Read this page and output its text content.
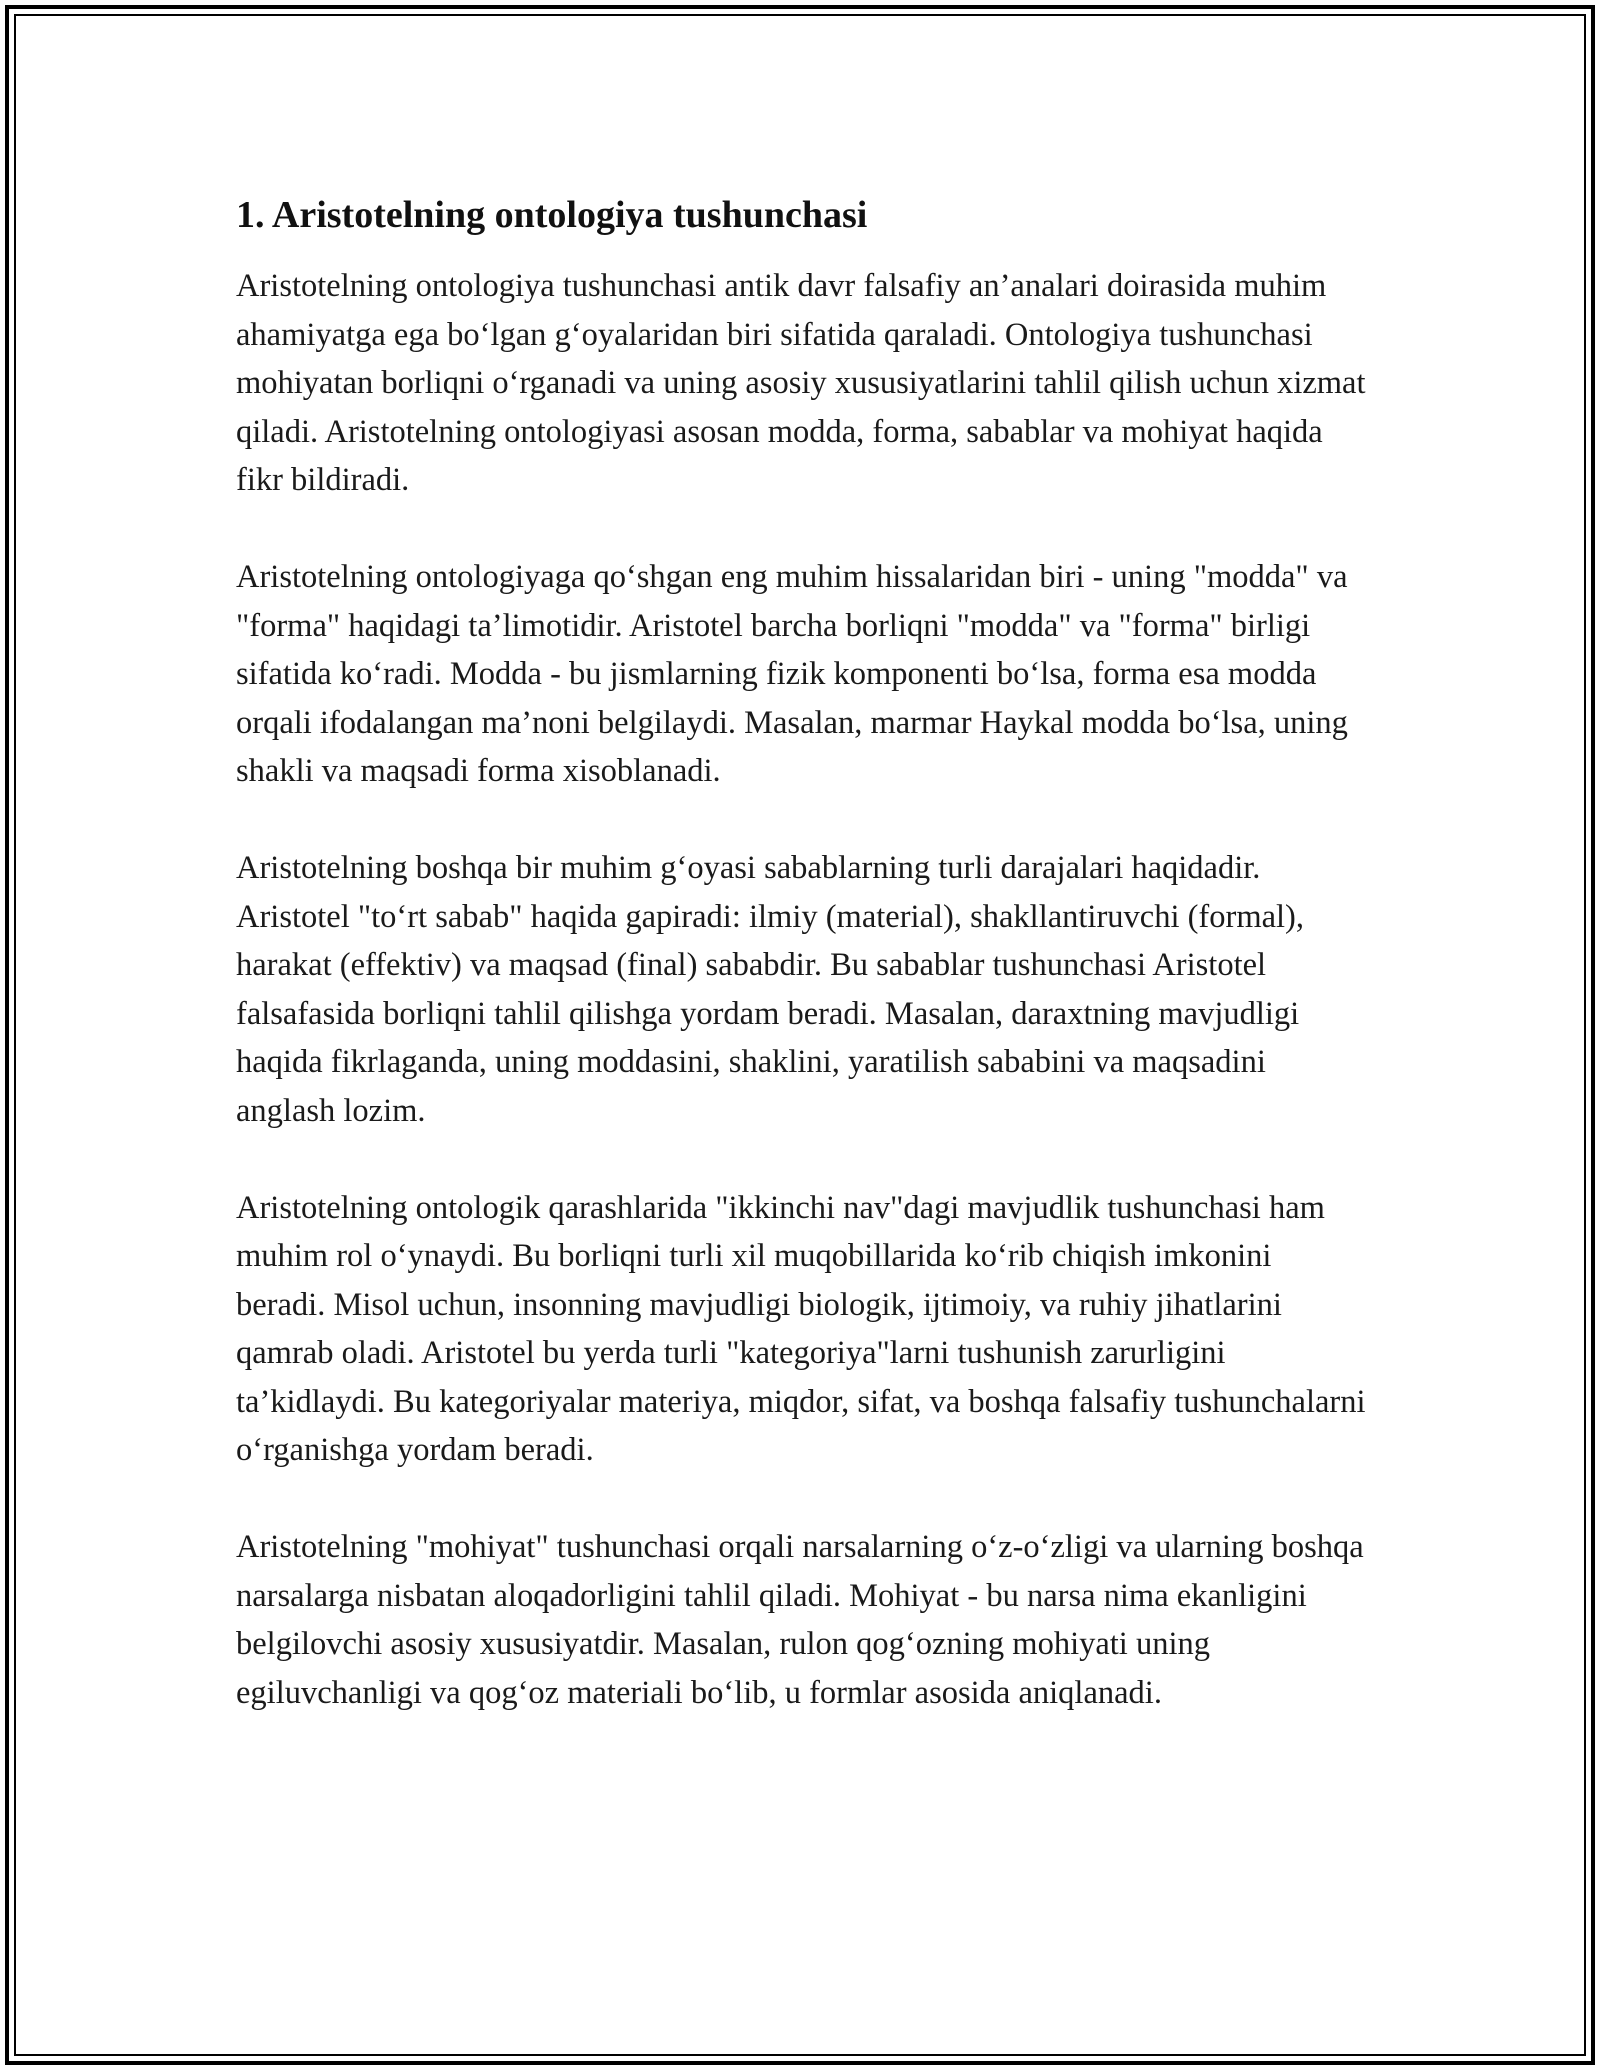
1. Aristotelning ontologiya tushunchasi

Aristotelning ontologiya tushunchasi antik davr falsafiy an’analari doirasida muhim ahamiyatga ega bo‘lgan g‘oyalaridan biri sifatida qaraladi. Ontologiya tushunchasi mohiyatan borliqni o‘rganadi va uning asosiy xususiyatlarini tahlil qilish uchun xizmat qiladi. Aristotelning ontologiyasi asosan modda, forma, sabablar va mohiyat haqida fikr bildiradi.

Aristotelning ontologiyaga qo‘shgan eng muhim hissalaridan biri - uning "modda" va "forma" haqidagi ta’limotidir. Aristotel barcha borliqni "modda" va "forma" birligi sifatida ko‘radi. Modda - bu jismlarning fizik komponenti bo‘lsa, forma esa modda orqali ifodalangan ma’noni belgilaydi. Masalan, marmar Haykal modda bo‘lsa, uning shakli va maqsadi forma xisoblanadi.

Aristotelning boshqa bir muhim g‘oyasi sabablarning turli darajalari haqidadir. Aristotel "to‘rt sabab" haqida gapiradi: ilmiy (material), shakllantiruvchi (formal), harakat (effektiv) va maqsad (final) sababdir. Bu sabablar tushunchasi Aristotel falsafasida borliqni tahlil qilishga yordam beradi. Masalan, daraxtning mavjudligi haqida fikrlaganda, uning moddasini, shaklini, yaratilish sababini va maqsadini anglash lozim.

Aristotelning ontologik qarashlarida "ikkinchi nav"dagi mavjudlik tushunchasi ham muhim rol o‘ynaydi. Bu borliqni turli xil muqobillarida ko‘rib chiqish imkonini beradi. Misol uchun, insonning mavjudligi biologik, ijtimoiy, va ruhiy jihatlarini qamrab oladi. Aristotel bu yerda turli "kategoriya"larni tushunish zarurligini ta’kidlaydi. Bu kategoriyalar materiya, miqdor, sifat, va boshqa falsafiy tushunchalarni o‘rganishga yordam beradi.

Aristotelning "mohiyat" tushunchasi orqali narsalarning o‘z-o‘zligi va ularning boshqa narsalarga nisbatan aloqadorligini tahlil qiladi. Mohiyat - bu narsa nima ekanligini belgilovchi asosiy xususiyatdir. Masalan, rulon qog‘ozning mohiyati uning egiluvchanligi va qog‘oz materiali bo‘lib, u formlar asosida aniqlanadi.
